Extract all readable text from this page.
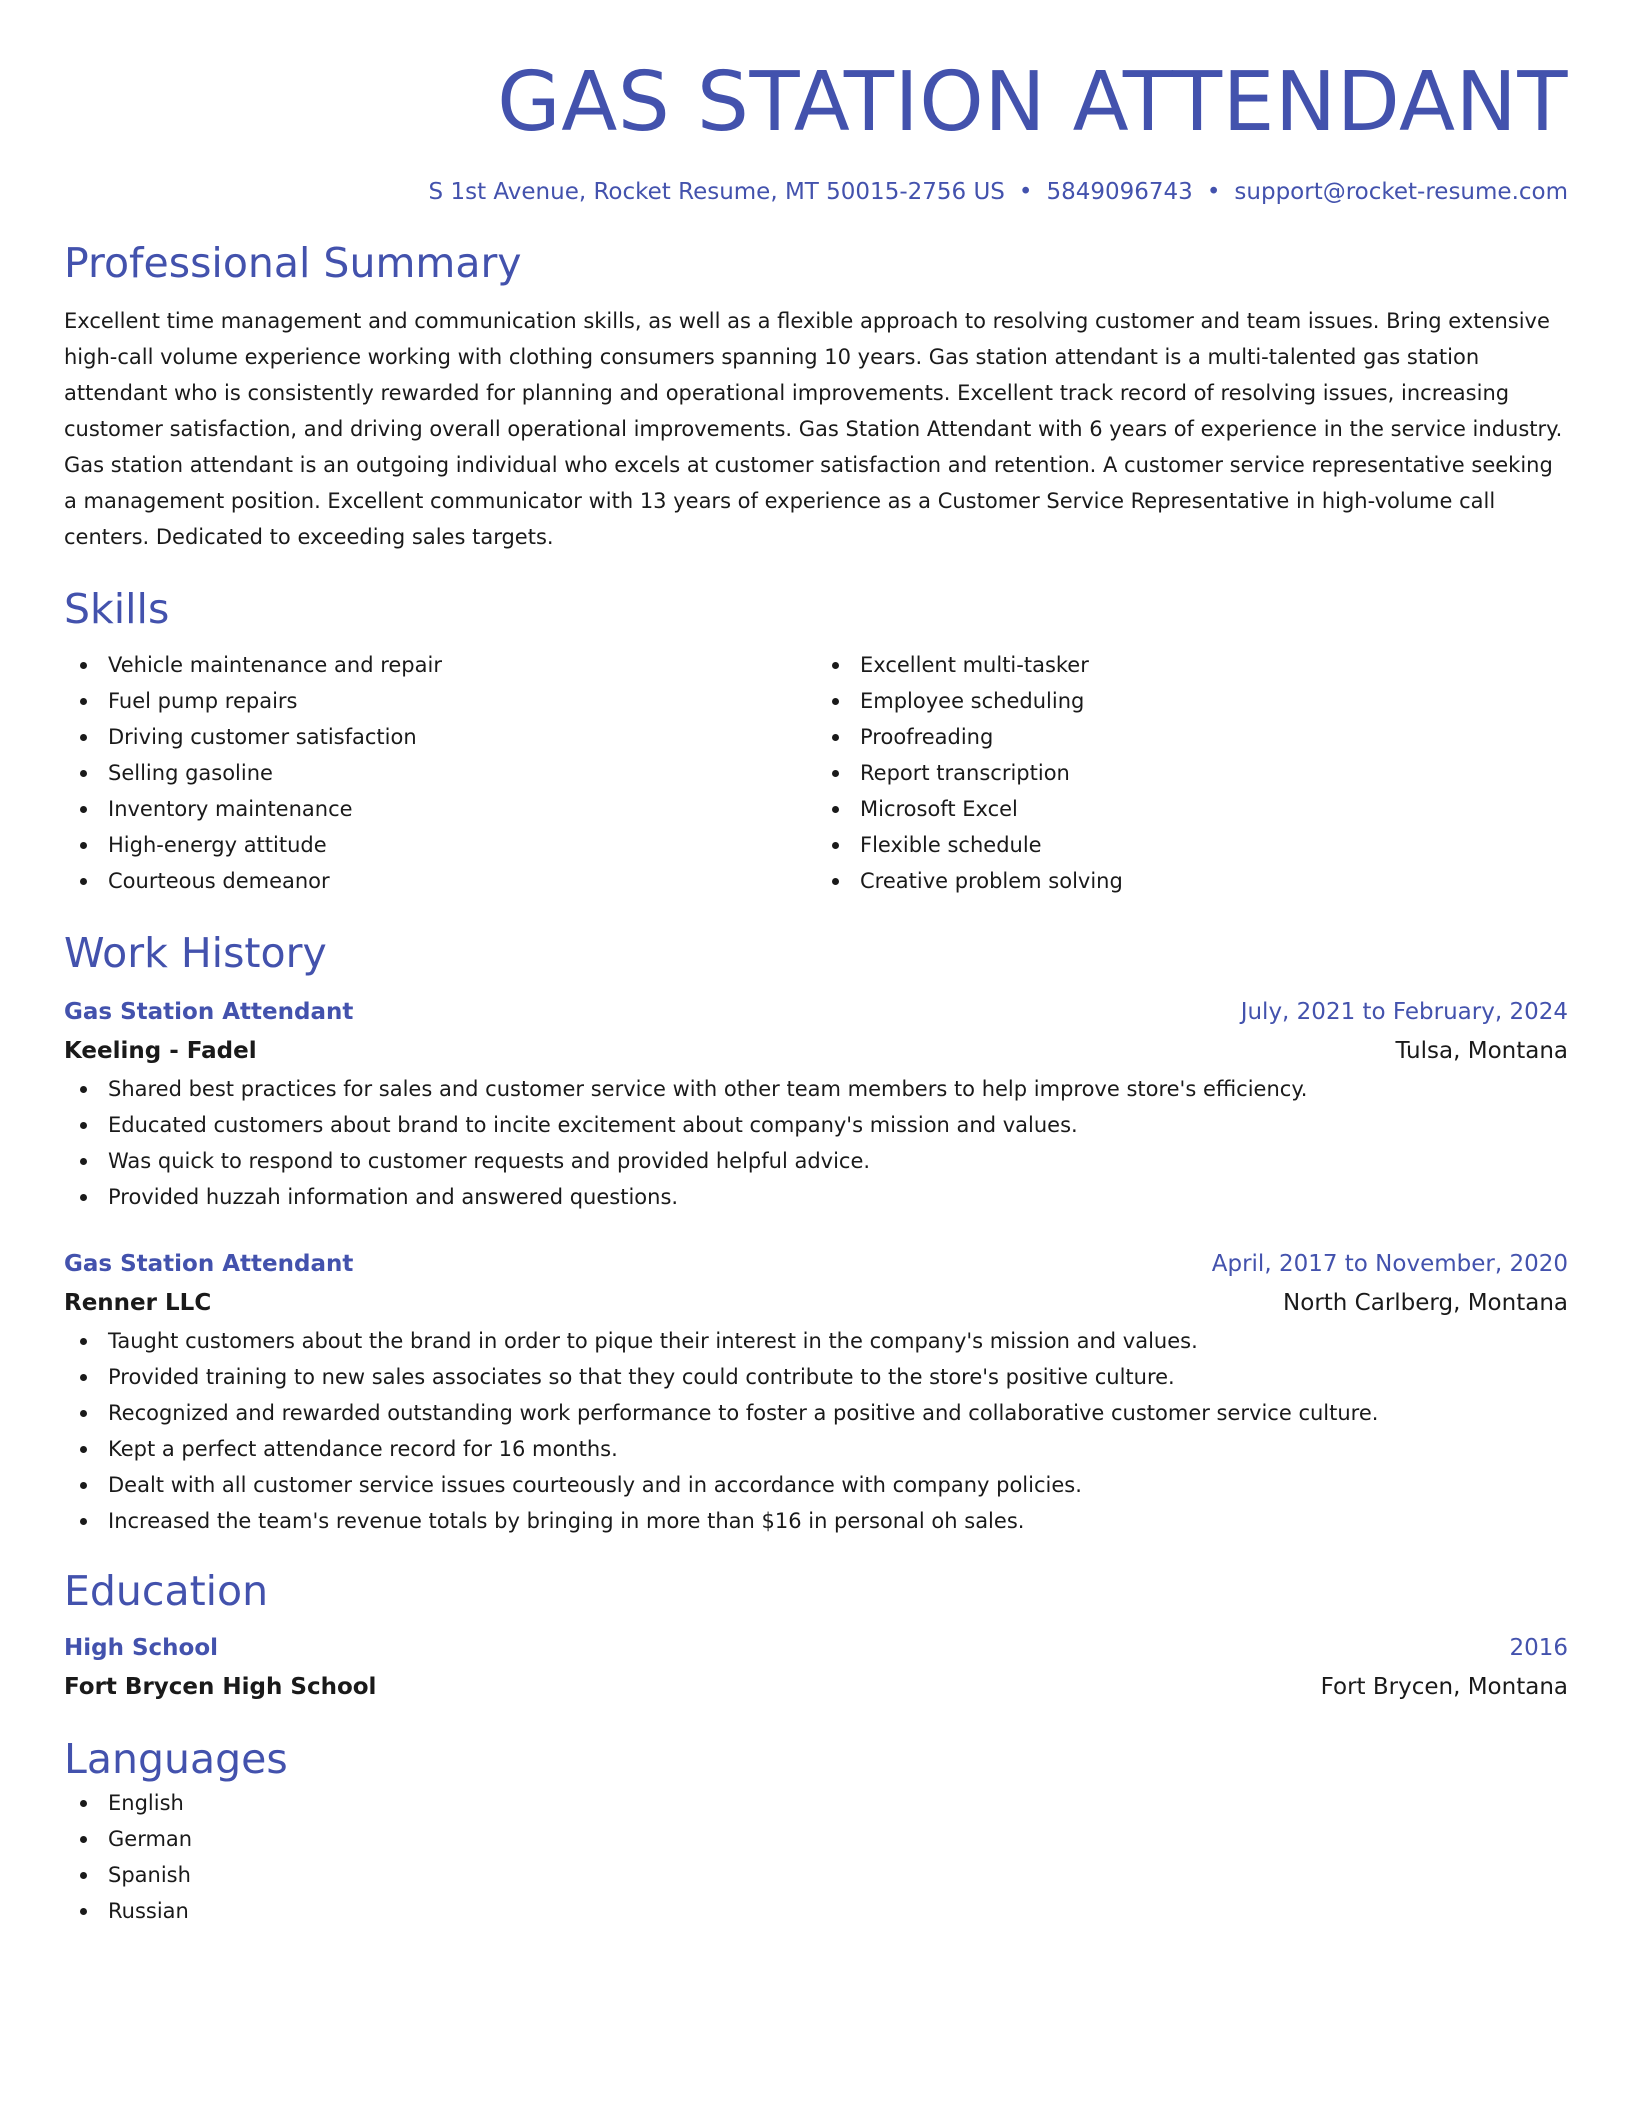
GAS STATION ATTENDANT
S 1st Avenue, Rocket Resume, MT 50015-2756 US • 5849096743 • support@rocket-resume.com
Professional Summary

Excellent time management and communication skills, as well as a flexible approach to resolving customer and team issues. Bring extensive high-call volume experience working with clothing consumers spanning 10 years. Gas station attendant is a multi-talented gas station attendant who is consistently rewarded for planning and operational improvements. Excellent track record of resolving issues, increasing customer satisfaction, and driving overall operational improvements. Gas Station Attendant with 6 years of experience in the service industry. Gas station attendant is an outgoing individual who excels at customer satisfaction and retention. A customer service representative seeking a management position. Excellent communicator with 13 years of experience as a Customer Service Representative in high-volume call centers. Dedicated to exceeding sales targets.

Skills
Vehicle maintenance and repair
Fuel pump repairs
Driving customer satisfaction
Selling gasoline
Inventory maintenance
High-energy attitude
Courteous demeanor
Excellent multi-tasker
Employee scheduling
Proofreading
Report transcription
Microsoft Excel
Flexible schedule
Creative problem solving
Work History
Gas Station Attendant	July, 2021 to February, 2024
Keeling - Fadel	Tulsa, Montana
Shared best practices for sales and customer service with other team members to help improve store's efficiency.
Educated customers about brand to incite excitement about company's mission and values.
Was quick to respond to customer requests and provided helpful advice.
Provided huzzah information and answered questions.
Gas Station Attendant	April, 2017 to November, 2020
Renner LLC	North Carlberg, Montana
Taught customers about the brand in order to pique their interest in the company's mission and values.
Provided training to new sales associates so that they could contribute to the store's positive culture.
Recognized and rewarded outstanding work performance to foster a positive and collaborative customer service culture.
Kept a perfect attendance record for 16 months.
Dealt with all customer service issues courteously and in accordance with company policies.
Increased the team's revenue totals by bringing in more than $16 in personal oh sales.
Education
High School	2016
Fort Brycen High School	Fort Brycen, Montana
Languages
English
German
Spanish
Russian
